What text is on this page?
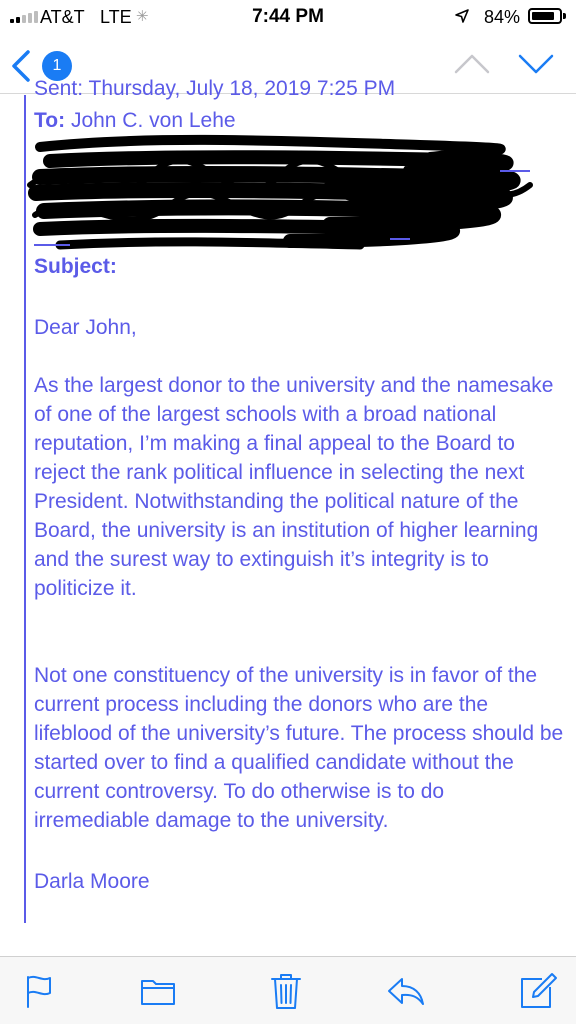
AT&T LTE ✳	7:44 PM	84%
1
Sent: Thursday, July 18, 2019 7:25 PM
To: John C. von Lehe
Subject:
Dear John,
As the largest donor to the university and the namesake of one of the largest schools with a broad national reputation, I’m making a final appeal to the Board to reject the rank political influence in selecting the next President. Notwithstanding the political nature of the Board, the university is an institution of higher learning and the surest way to extinguish it’s integrity is to politicize it.
Not one constituency of the university is in favor of the current process including the donors who are the lifeblood of the university’s future. The process should be started over to find a qualified candidate without the current controversy. To do otherwise is to do irremediable damage to the university.
Darla Moore
